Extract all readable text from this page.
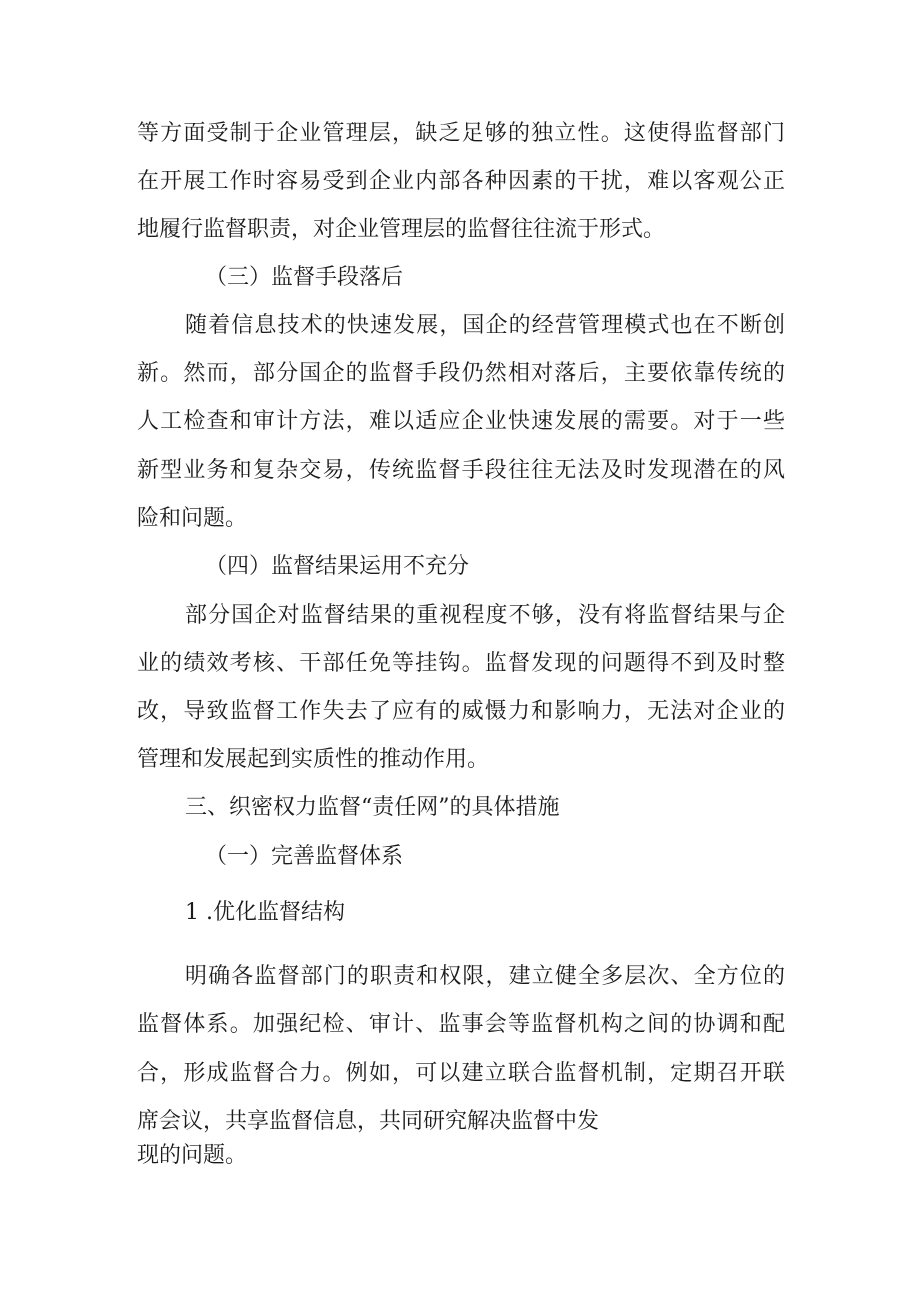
等方面受制于企业管理层，缺乏足够的独立性。这使得监督部门
在开展工作时容易受到企业内部各种因素的干扰，难以客观公正
地履行监督职责，对企业管理层的监督往往流于形式。
（三）监督手段落后
随着信息技术的快速发展，国企的经营管理模式也在不断创
新。然而，部分国企的监督手段仍然相对落后，主要依靠传统的
人工检查和审计方法，难以适应企业快速发展的需要。对于一些
新型业务和复杂交易，传统监督手段往往无法及时发现潜在的风
险和问题。
（四）监督结果运用不充分
部分国企对监督结果的重视程度不够，没有将监督结果与企
业的绩效考核、干部任免等挂钩。监督发现的问题得不到及时整
改，导致监督工作失去了应有的威慑力和影响力，无法对企业的
管理和发展起到实质性的推动作用。
三、织密权力监督“责任网”的具体措施
（一）完善监督体系
1 .优化监督结构
明确各监督部门的职责和权限，建立健全多层次、全方位的
监督体系。加强纪检、审计、监事会等监督机构之间的协调和配
合，形成监督合力。例如，可以建立联合监督机制，定期召开联
席会议，共享监督信息，共同研究解决监督中发
现的问题。
